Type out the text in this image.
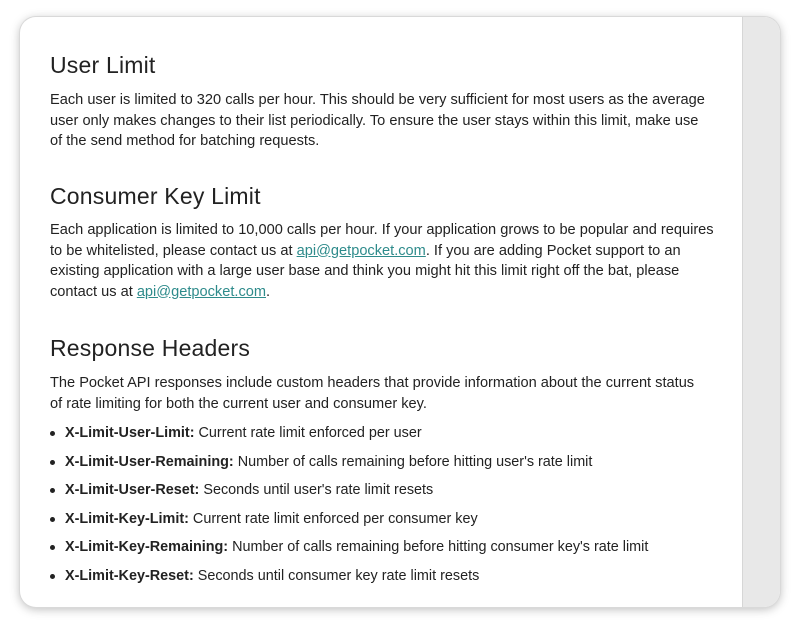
User Limit

Each user is limited to 320 calls per hour. This should be very sufficient for most users as the average user only makes changes to their list periodically. To ensure the user stays within this limit, make use of the send method for batching requests.

Consumer Key Limit

Each application is limited to 10,000 calls per hour. If your application grows to be popular and requires to be whitelisted, please contact us at api@getpocket.com. If you are adding Pocket support to an existing application with a large user base and think you might hit this limit right off the bat, please contact us at api@getpocket.com.

Response Headers

The Pocket API responses include custom headers that provide information about the current status of rate limiting for both the current user and consumer key.

X-Limit-User-Limit: Current rate limit enforced per user
X-Limit-User-Remaining: Number of calls remaining before hitting user's rate limit
X-Limit-User-Reset: Seconds until user's rate limit resets
X-Limit-Key-Limit: Current rate limit enforced per consumer key
X-Limit-Key-Remaining: Number of calls remaining before hitting consumer key's rate limit
X-Limit-Key-Reset: Seconds until consumer key rate limit resets
